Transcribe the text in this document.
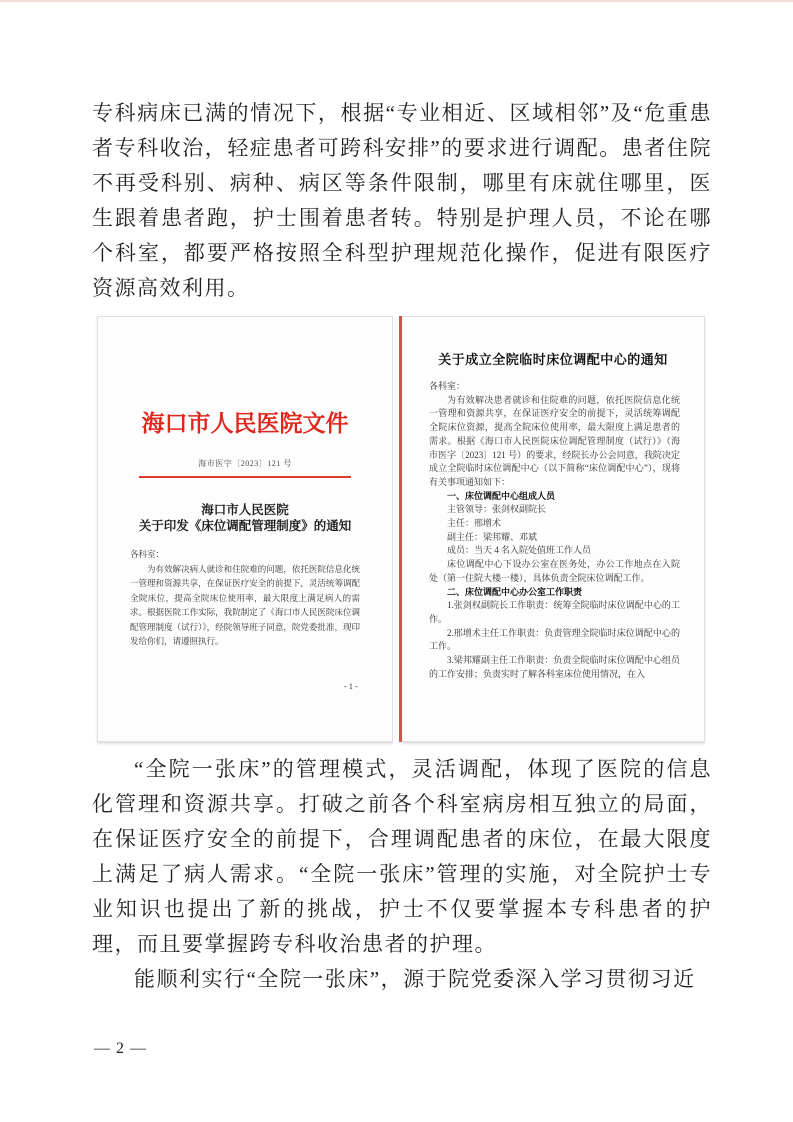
专科病床已满的情况下，根据“专业相近、区域相邻”及“危重患者专科收治，轻症患者可跨科安排”的要求进行调配。患者住院不再受科别、病种、病区等条件限制，哪里有床就住哪里，医生跟着患者跑，护士围着患者转。特别是护理人员，不论在哪个科室，都要严格按照全科型护理规范化操作，促进有限医疗资源高效利用。

海口市人民医院文件
海市医字〔2023〕121 号
海口市人民医院
关于印发《床位调配管理制度》的通知
各科室：

为有效解决病人就诊和住院难的问题，依托医院信息化统一管理和资源共享，在保证医疗安全的前提下，灵活统筹调配全院床位，提高全院床位使用率，最大限度上满足病人的需求。根据医院工作实际，我院制定了《海口市人民医院床位调配管理制度（试行）》，经院领导班子同意，院党委批准，现印发给你们，请遵照执行。

- 1 -
关于成立全院临时床位调配中心的通知
各科室：

为有效解决患者就诊和住院难的问题，依托医院信息化统一管理和资源共享，在保证医疗安全的前提下，灵活统筹调配全院床位资源，提高全院床位使用率，最大限度上满足患者的需求。根据《海口市人民医院床位调配管理制度（试行）》（海市医字〔2023〕121 号）的要求，经院长办公会同意，我院决定成立全院临时床位调配中心（以下简称“床位调配中心”），现将有关事项通知如下：

一、床位调配中心组成人员
主管领导：张剑权副院长
主任：邢增术
副主任：梁邦耀、邓斌
成员：当天 4 名入院处值班工作人员

床位调配中心下设办公室在医务处，办公工作地点在入院处（第一住院大楼一楼），具体负责全院床位调配工作。

二、床位调配中心办公室工作职责

1.张剑权副院长工作职责：统筹全院临时床位调配中心的工作。

2.邢增术主任工作职责：负责管理全院临时床位调配中心的工作。

3.梁邦耀副主任工作职责：负责全院临时床位调配中心组员的工作安排；负责实时了解各科室床位使用情况，在入

“全院一张床”的管理模式，灵活调配，体现了医院的信息化管理和资源共享。打破之前各个科室病房相互独立的局面，在保证医疗安全的前提下，合理调配患者的床位，在最大限度上满足了病人需求。“全院一张床”管理的实施，对全院护士专业知识也提出了新的挑战，护士不仅要掌握本专科患者的护理，而且要掌握跨专科收治患者的护理。

能顺利实行“全院一张床”，源于院党委深入学习贯彻习近

— 2 —
